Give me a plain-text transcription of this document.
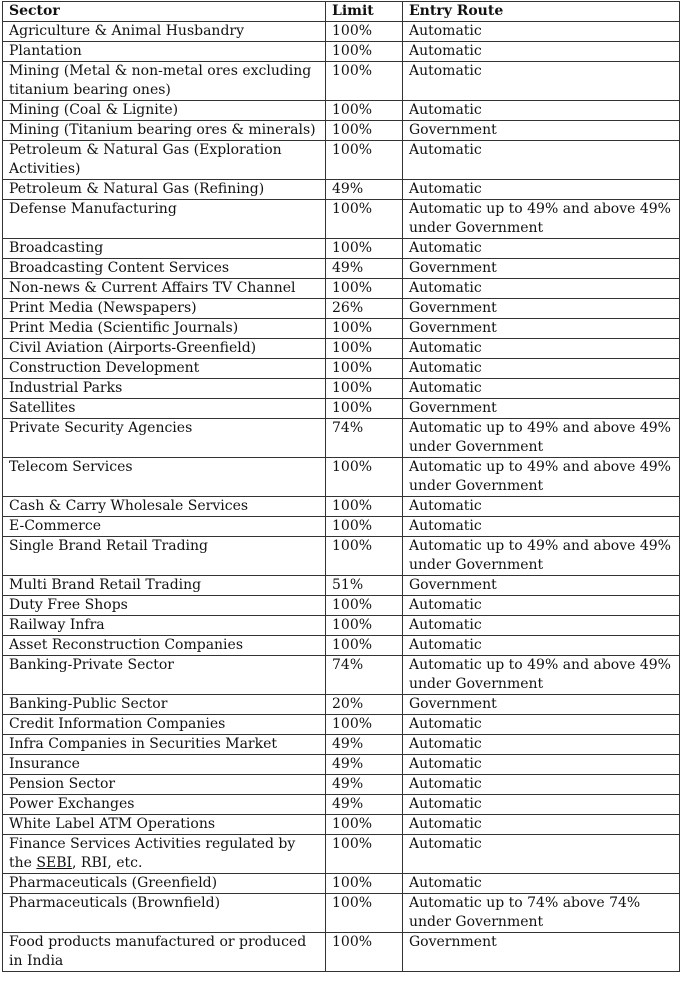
Sector	Limit	Entry Route
Agriculture & Animal Husbandry	100%	Automatic
Plantation	100%	Automatic
Mining (Metal & non-metal ores excluding titanium bearing ones)	100%	Automatic
Mining (Coal & Lignite)	100%	Automatic
Mining (Titanium bearing ores & minerals)	100%	Government
Petroleum & Natural Gas (Exploration Activities)	100%	Automatic
Petroleum & Natural Gas (Refining)	49%	Automatic
Defense Manufacturing	100%	Automatic up to 49% and above 49% under Government
Broadcasting	100%	Automatic
Broadcasting Content Services	49%	Government
Non-news & Current Affairs TV Channel	100%	Automatic
Print Media (Newspapers)	26%	Government
Print Media (Scientific Journals)	100%	Government
Civil Aviation (Airports-Greenfield)	100%	Automatic
Construction Development	100%	Automatic
Industrial Parks	100%	Automatic
Satellites	100%	Government
Private Security Agencies	74%	Automatic up to 49% and above 49% under Government
Telecom Services	100%	Automatic up to 49% and above 49% under Government
Cash & Carry Wholesale Services	100%	Automatic
E-Commerce	100%	Automatic
Single Brand Retail Trading	100%	Automatic up to 49% and above 49% under Government
Multi Brand Retail Trading	51%	Government
Duty Free Shops	100%	Automatic
Railway Infra	100%	Automatic
Asset Reconstruction Companies	100%	Automatic
Banking-Private Sector	74%	Automatic up to 49% and above 49% under Government
Banking-Public Sector	20%	Government
Credit Information Companies	100%	Automatic
Infra Companies in Securities Market	49%	Automatic
Insurance	49%	Automatic
Pension Sector	49%	Automatic
Power Exchanges	49%	Automatic
White Label ATM Operations	100%	Automatic
Finance Services Activities regulated by the SEBI, RBI, etc.	100%	Automatic
Pharmaceuticals (Greenfield)	100%	Automatic
Pharmaceuticals (Brownfield)	100%	Automatic up to 74% above 74% under Government
Food products manufactured or produced in India	100%	Government
